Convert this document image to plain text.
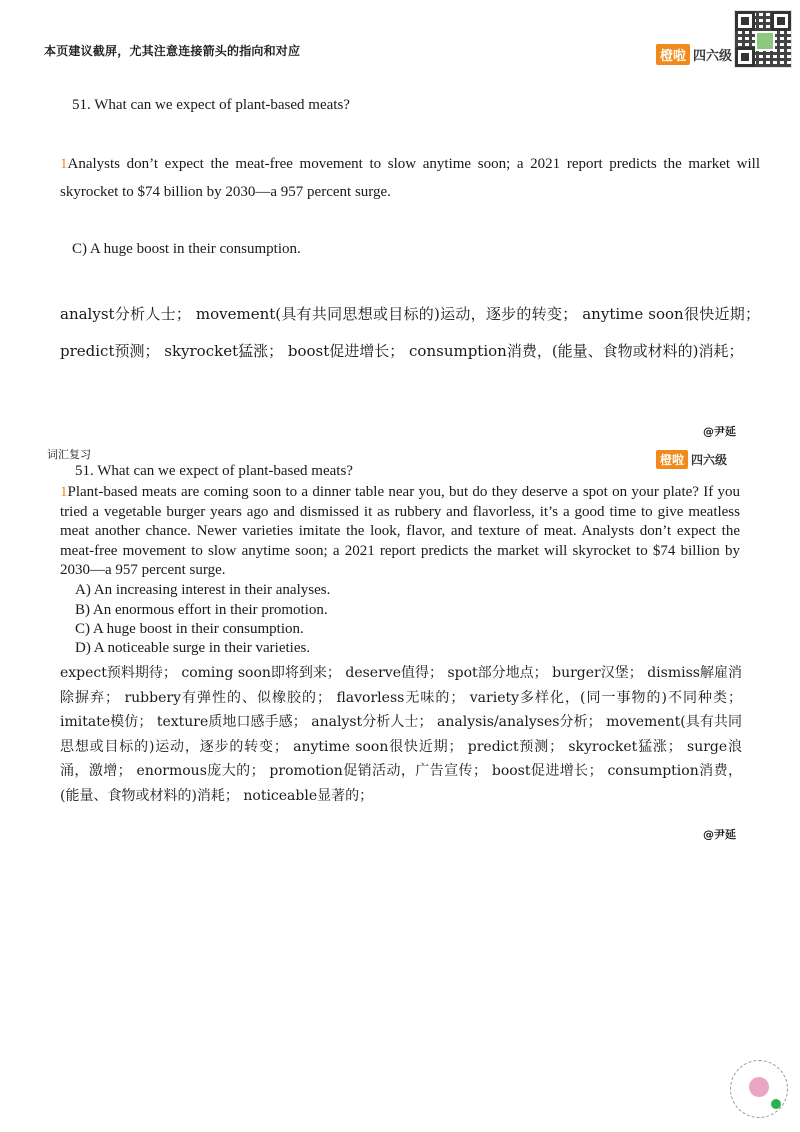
本页建议截屏，尤其注意连接箭头的指向和对应	橙啦 四六级
51. What can we expect of plant-based meats?
1Analysts don’t expect the meat-free movement to slow anytime soon; a 2021 report predicts the market will skyrocket to $74 billion by 2030—a 957 percent surge.
C) A huge boost in their consumption.
analyst分析人士； movement(具有共同思想或目标的)运动，逐步的转变； anytime soon很快近期； predict预测； skyrocket猛涨； boost促进增长； consumption消费，(能量、食物或材料的)消耗；
@尹延
词汇复习	橙啦 四六级
51. What can we expect of plant-based meats?
1Plant-based meats are coming soon to a dinner table near you, but do they deserve a spot on your plate? If you tried a vegetable burger years ago and dismissed it as rubbery and flavorless, it’s a good time to give meatless meat another chance. Newer varieties imitate the look, flavor, and texture of meat. Analysts don’t expect the meat-free movement to slow anytime soon; a 2021 report predicts the market will skyrocket to $74 billion by 2030—a 957 percent surge.
A) An increasing interest in their analyses.
B) An enormous effort in their promotion.
C) A huge boost in their consumption.
D) A noticeable surge in their varieties.
expect预料期待； coming soon即将到来； deserve值得； spot部分地点； burger汉堡； dismiss解雇消除摒弃； rubbery有弹性的、似橡胶的； flavorless无味的； variety多样化，(同一事物的)不同种类； imitate模仿； texture质地口感手感； analyst分析人士； analysis/analyses分析； movement(具有共同思想或目标的)运动，逐步的转变； anytime soon很快近期； predict预测； skyrocket猛涨； surge浪涌，激增； enormous庞大的； promotion促销活动，广告宣传； boost促进增长； consumption消费，(能量、食物或材料的)消耗； noticeable显著的；
@尹延
